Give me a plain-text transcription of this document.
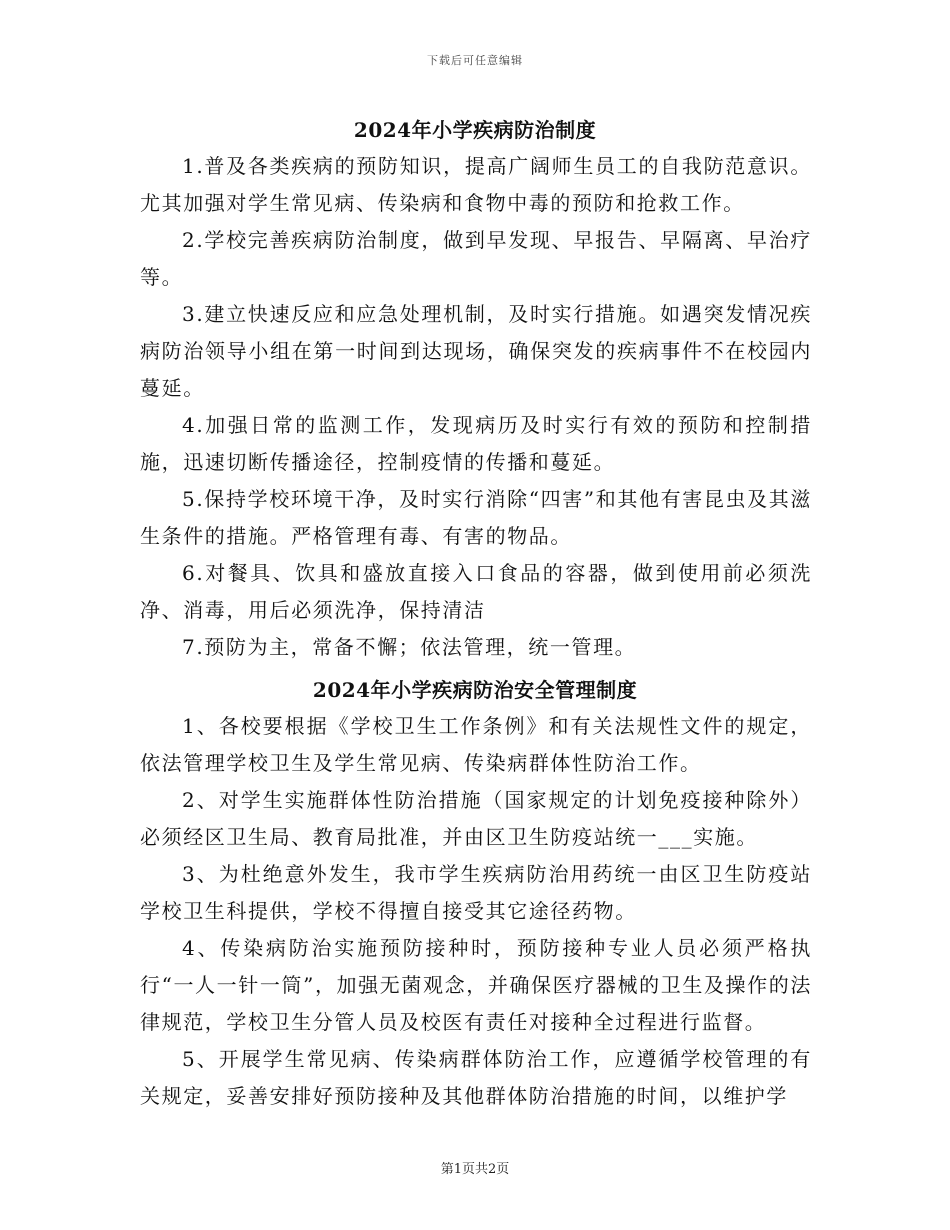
下载后可任意编辑
2024年小学疾病防治制度

1.普及各类疾病的预防知识，提高广阔师生员工的自我防范意识。尤其加强对学生常见病、传染病和食物中毒的预防和抢救工作。

2.学校完善疾病防治制度，做到早发现、早报告、早隔离、早治疗等。

3.建立快速反应和应急处理机制，及时实行措施。如遇突发情况疾病防治领导小组在第一时间到达现场，确保突发的疾病事件不在校园内蔓延。

4.加强日常的监测工作，发现病历及时实行有效的预防和控制措施，迅速切断传播途径，控制疫情的传播和蔓延。

5.保持学校环境干净，及时实行消除“四害”和其他有害昆虫及其滋生条件的措施。严格管理有毒、有害的物品。

6.对餐具、饮具和盛放直接入口食品的容器，做到使用前必须洗净、消毒，用后必须洗净，保持清洁

7.预防为主，常备不懈；依法管理，统一管理。

2024年小学疾病防治安全管理制度

1、各校要根据《学校卫生工作条例》和有关法规性文件的规定，依法管理学校卫生及学生常见病、传染病群体性防治工作。

2、对学生实施群体性防治措施（国家规定的计划免疫接种除外）必须经区卫生局、教育局批准，并由区卫生防疫站统一___实施。

3、为杜绝意外发生，我市学生疾病防治用药统一由区卫生防疫站学校卫生科提供，学校不得擅自接受其它途径药物。

4、传染病防治实施预防接种时，预防接种专业人员必须严格执行“一人一针一筒”，加强无菌观念，并确保医疗器械的卫生及操作的法律规范，学校卫生分管人员及校医有责任对接种全过程进行监督。

5、开展学生常见病、传染病群体防治工作，应遵循学校管理的有关规定，妥善安排好预防接种及其他群体防治措施的时间，以维护学

第1页共2页
